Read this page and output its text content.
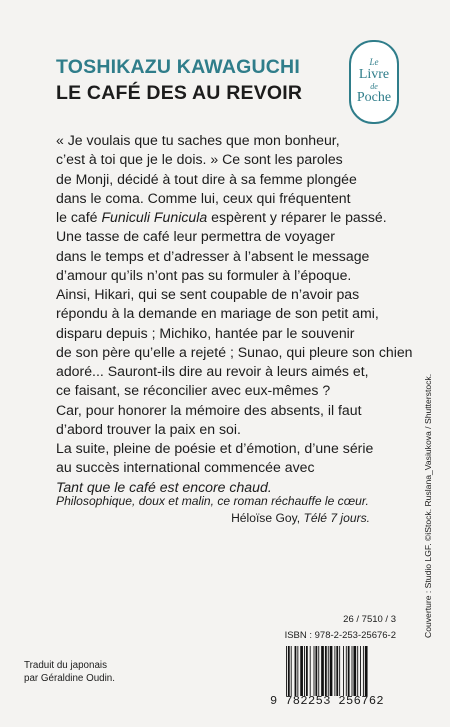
TOSHIKAZU KAWAGUCHI
LE CAFÉ DES AU REVOIR
Le
Livre
de
Poche
« Je voulais que tu saches que mon bonheur,
c’est à toi que je le dois. » Ce sont les paroles
de Monji, décidé à tout dire à sa femme plongée
dans le coma. Comme lui, ceux qui fréquentent
le café Funiculi Funicula espèrent y réparer le passé.
Une tasse de café leur permettra de voyager
dans le temps et d’adresser à l’absent le message
d’amour qu’ils n’ont pas su formuler à l’époque.
Ainsi, Hikari, qui se sent coupable de n’avoir pas
répondu à la demande en mariage de son petit ami,
disparu depuis ; Michiko, hantée par le souvenir
de son père qu’elle a rejeté ; Sunao, qui pleure son chien
adoré... Sauront-ils dire au revoir à leurs aimés et,
ce faisant, se réconcilier avec eux-mêmes ?
Car, pour honorer la mémoire des absents, il faut
d’abord trouver la paix en soi.
La suite, pleine de poésie et d’émotion, d’une série
au succès international commencée avec
Tant que le café est encore chaud.
Philosophique, doux et malin, ce roman réchauffe le cœur.
Héloïse Goy, Télé 7 jours.
26 / 7510 / 3
ISBN : 978-2-253-25676-2
9 782253 256762
Traduit du japonais
par Géraldine Oudin.
Couverture : Studio LGF. ©iStock. Ruslana_Vasiukova / Shutterstock.
